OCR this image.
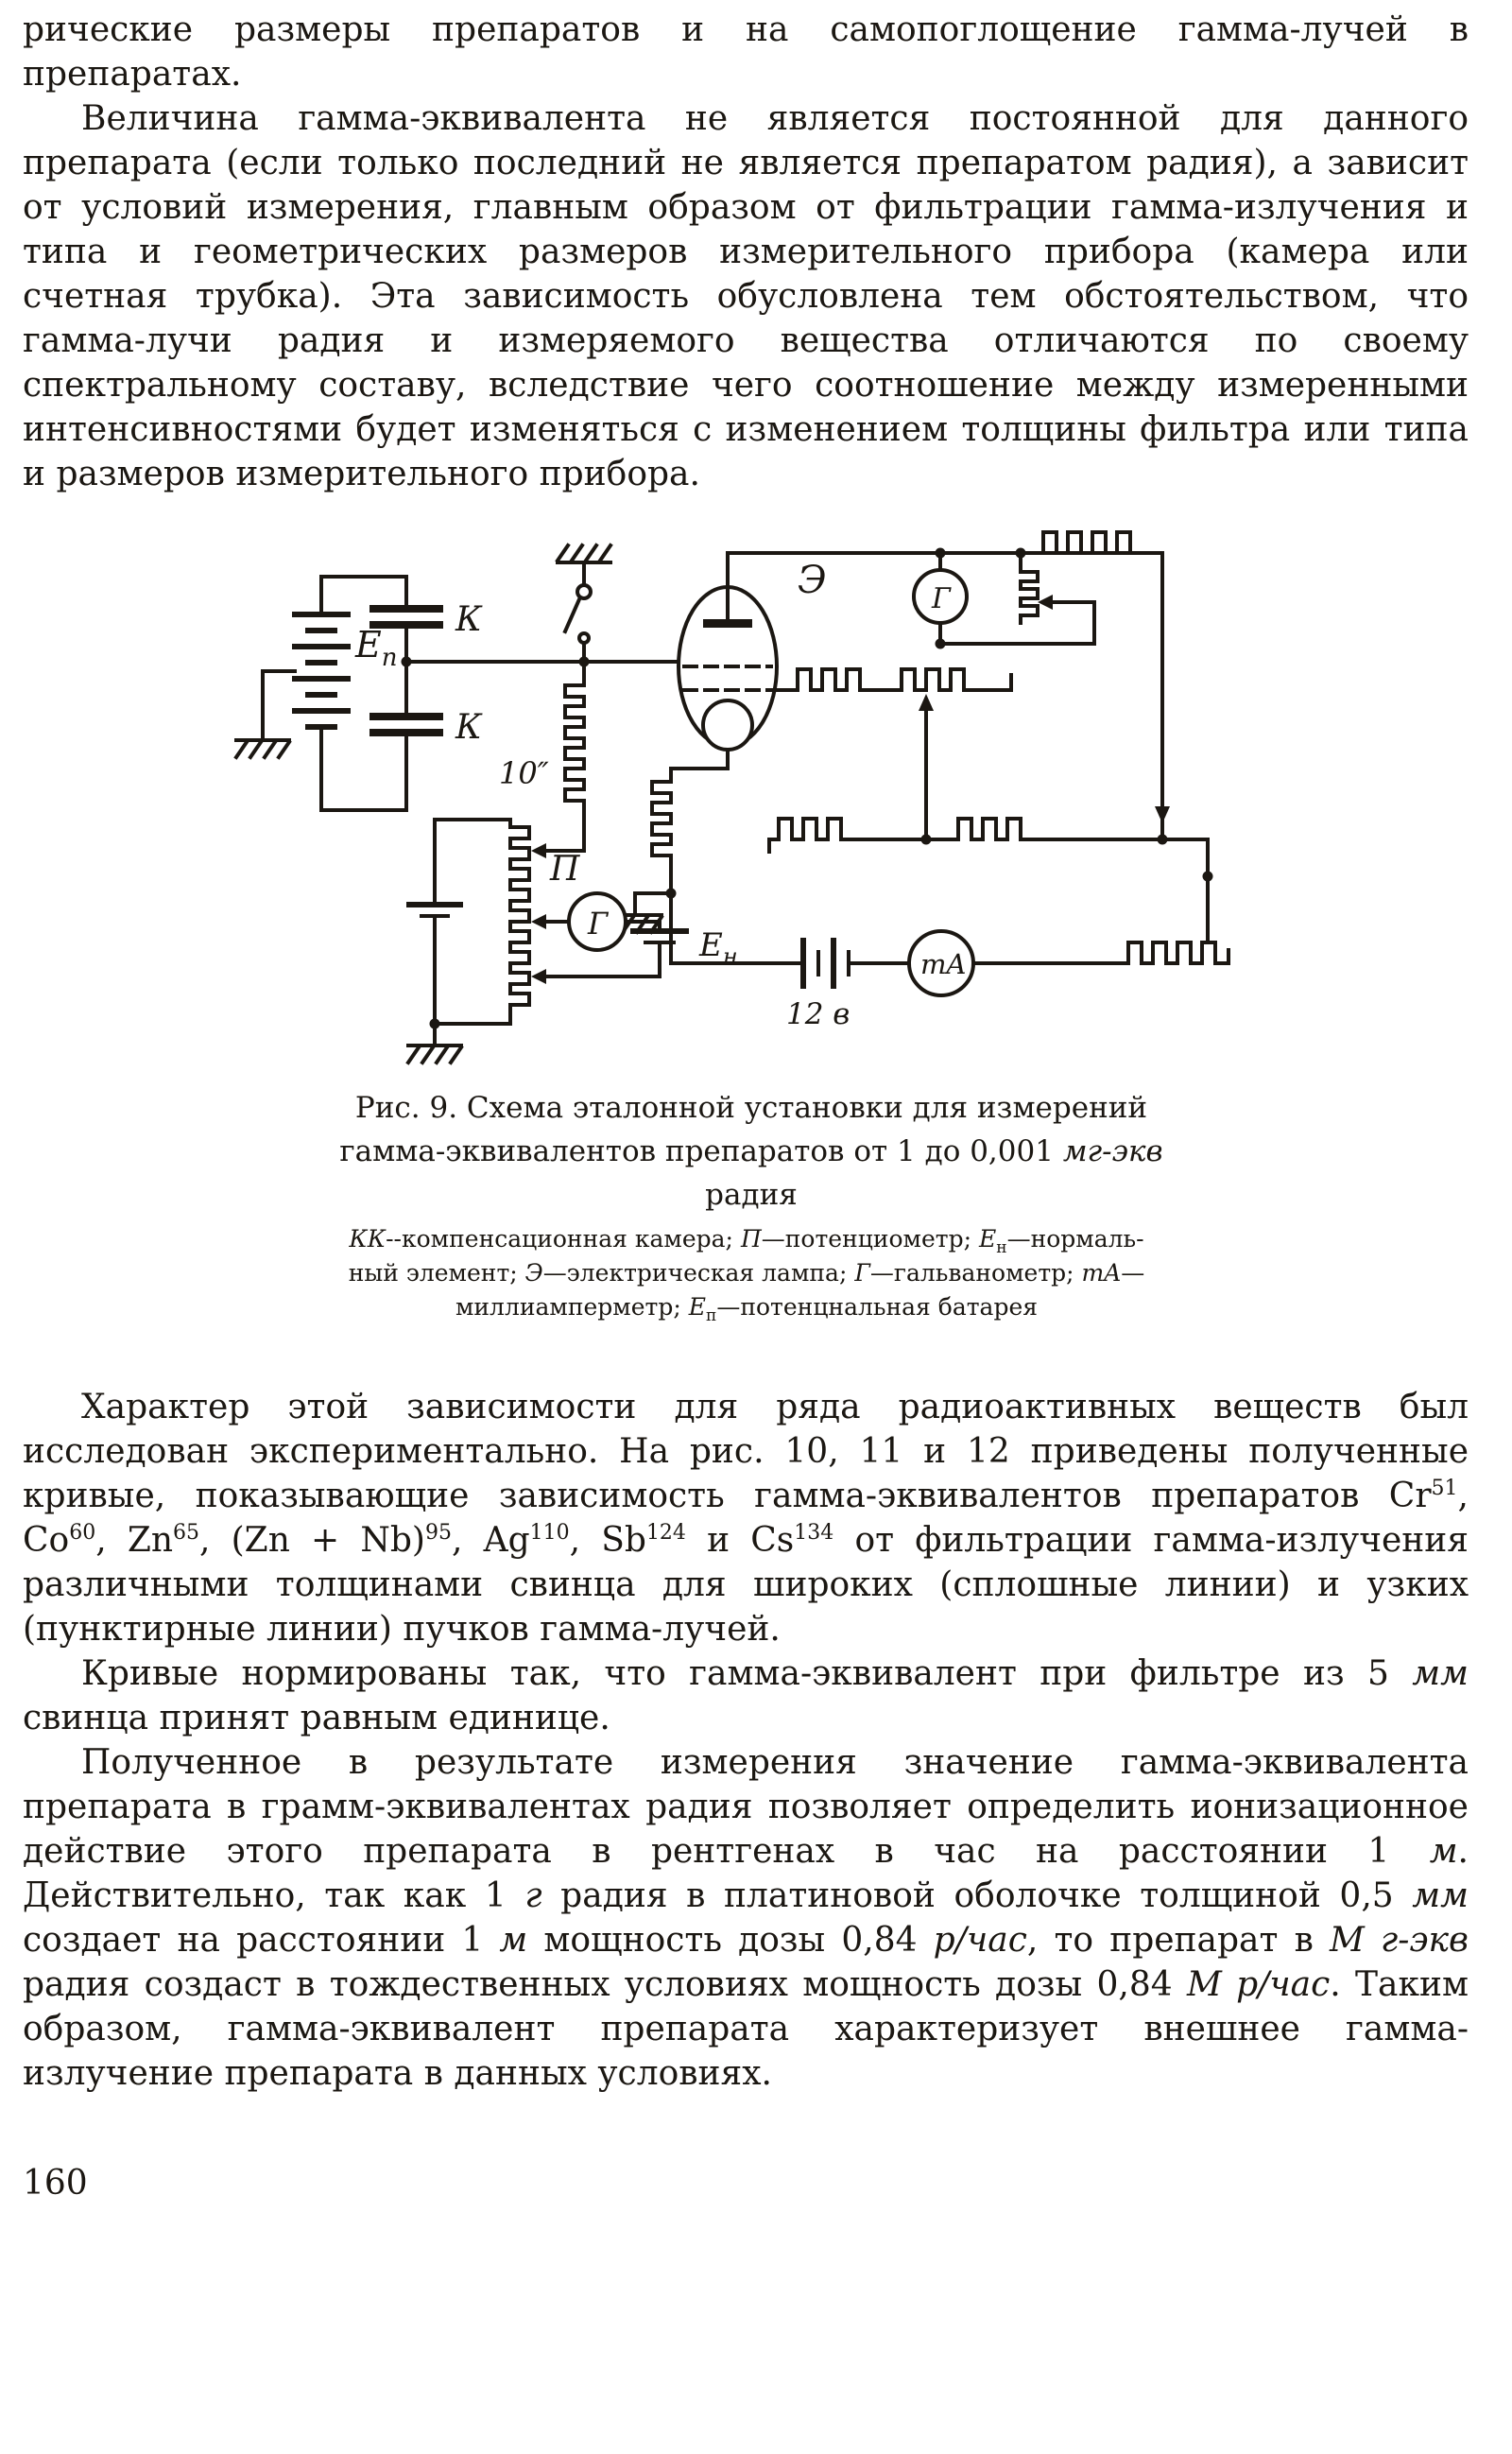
рические размеры препаратов и на самопоглощение гамма-лучей в препаратах.

Величина гамма-эквивалента не является постоянной для данного препарата (если только последний не является препаратом радия), а зависит от условий измерения, главным образом от фильтрации гамма-излучения и типа и геометрических размеров измерительного прибора (камера или счетная трубка). Эта зависимость обусловлена тем обстоятельством, что гамма-лучи радия и измеряемого вещества отличаются по своему спектральному составу, вследствие чего соотношение между измеренными интенсивностями будет изменяться с изменением толщины фильтра или типа и размеров измерительного прибора.

К
К
$Е_п$
10″
Э	Г
Г
П
$Е_н$
12 в
mA
Рис. 9. Схема эталонной установки для измерений
гамма-эквивалентов препаратов от 1 до 0,001 мг-экв
радия
КК--компенсационная камера; П—потенциометр; $Е_н—нормаль-$
ный элемент; Э—электрическая лампа; Г—гальванометр; mA—
миллиамперметр; $Е_п—потенцнальная$ батарея

Характер этой зависимости для ряда радиоактивных веществ был исследован экспериментально. На рис. 10, 11 и 12 приведены полученные кривые, показывающие зависимость гамма-эквивалентов препаратов Cr$^{51}$, Co$^{60}$, Zn$^{65}$, $(Zn + Nb)^{95}$, Ag$^{110}$, Sb$^{124}$ и Cs$^{134}$ от фильтрации гамма-излучения различными толщинами свинца для широких (сплошные линии) и узких (пунктирные линии) пучков гамма-лучей.

Кривые нормированы так, что гамма-эквивалент при фильтре из 5 мм свинца принят равным единице.

Полученное в результате измерения значение гамма-эквивалента препарата в грамм-эквивалентах радия позволяет определить ионизационное действие этого препарата в рентгенах в час на расстоянии 1 м. Действительно, так как 1 г радия в платиновой оболочке толщиной 0,5 мм создает на расстоянии 1 м мощность дозы 0,84 р/час, то препарат в М г-экв радия создаст в тождественных условиях мощность дозы 0,84 М р/час. Таким образом, гамма-эквивалент препарата характеризует внешнее гамма-излучение препарата в данных условиях.

160
